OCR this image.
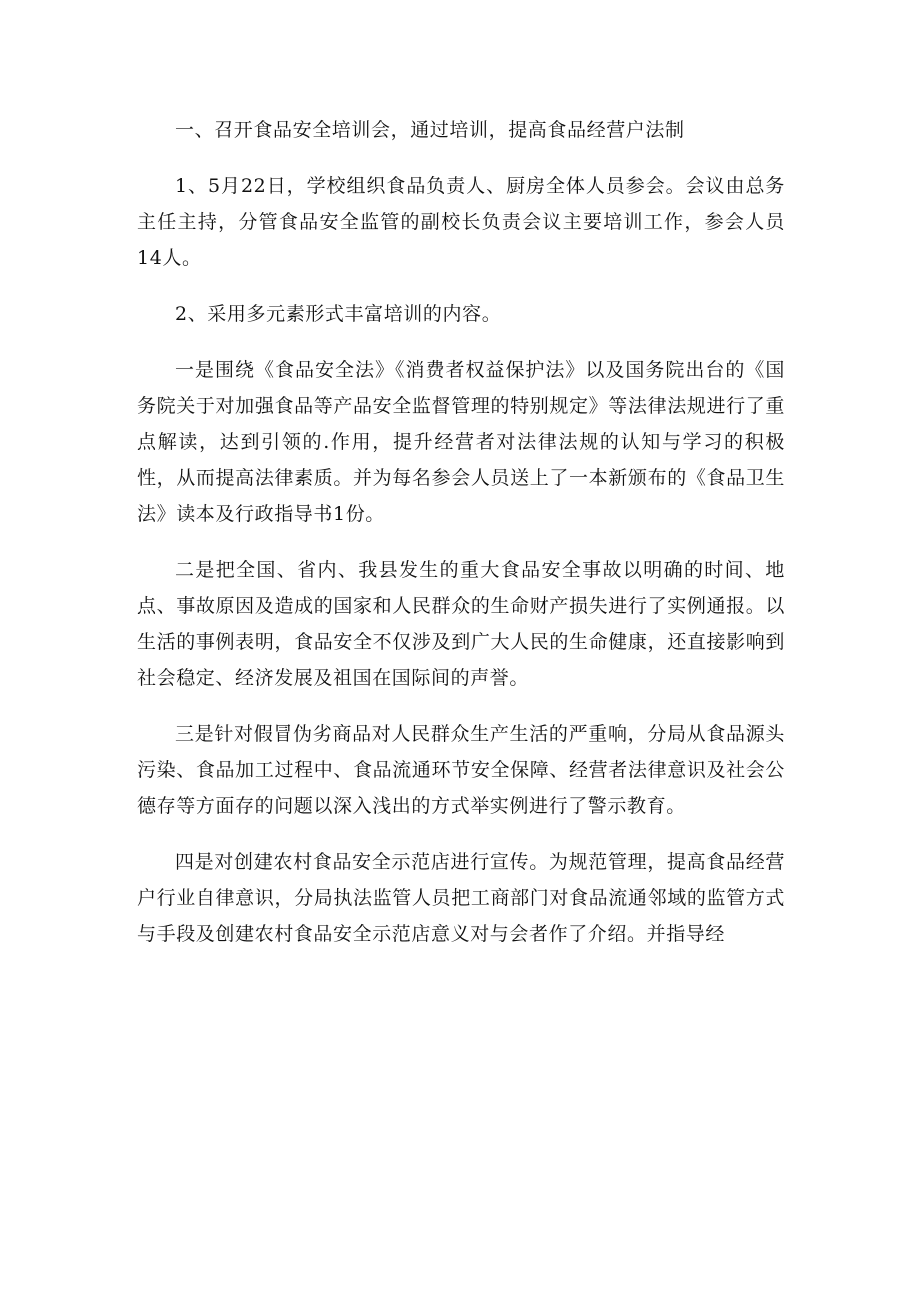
一、召开食品安全培训会，通过培训，提高食品经营户法制

1、5月22日，学校组织食品负责人、厨房全体人员参会。会议由总务主任主持，分管食品安全监管的副校长负责会议主要培训工作，参会人员14人。

2、采用多元素形式丰富培训的内容。

一是围绕《食品安全法》《消费者权益保护法》以及国务院出台的《国务院关于对加强食品等产品安全监督管理的特别规定》等法律法规进行了重点解读，达到引领的.作用，提升经营者对法律法规的认知与学习的积极性，从而提高法律素质。并为每名参会人员送上了一本新颁布的《食品卫生法》读本及行政指导书1份。

二是把全国、省内、我县发生的重大食品安全事故以明确的时间、地点、事故原因及造成的国家和人民群众的生命财产损失进行了实例通报。以生活的事例表明，食品安全不仅涉及到广大人民的生命健康，还直接影响到社会稳定、经济发展及祖国在国际间的声誉。

三是针对假冒伪劣商品对人民群众生产生活的严重响，分局从食品源头污染、食品加工过程中、食品流通环节安全保障、经营者法律意识及社会公德存等方面存的问题以深入浅出的方式举实例进行了警示教育。

四是对创建农村食品安全示范店进行宣传。为规范管理，提高食品经营户行业自律意识，分局执法监管人员把工商部门对食品流通邻域的监管方式与手段及创建农村食品安全示范店意义对与会者作了介绍。并指导经
